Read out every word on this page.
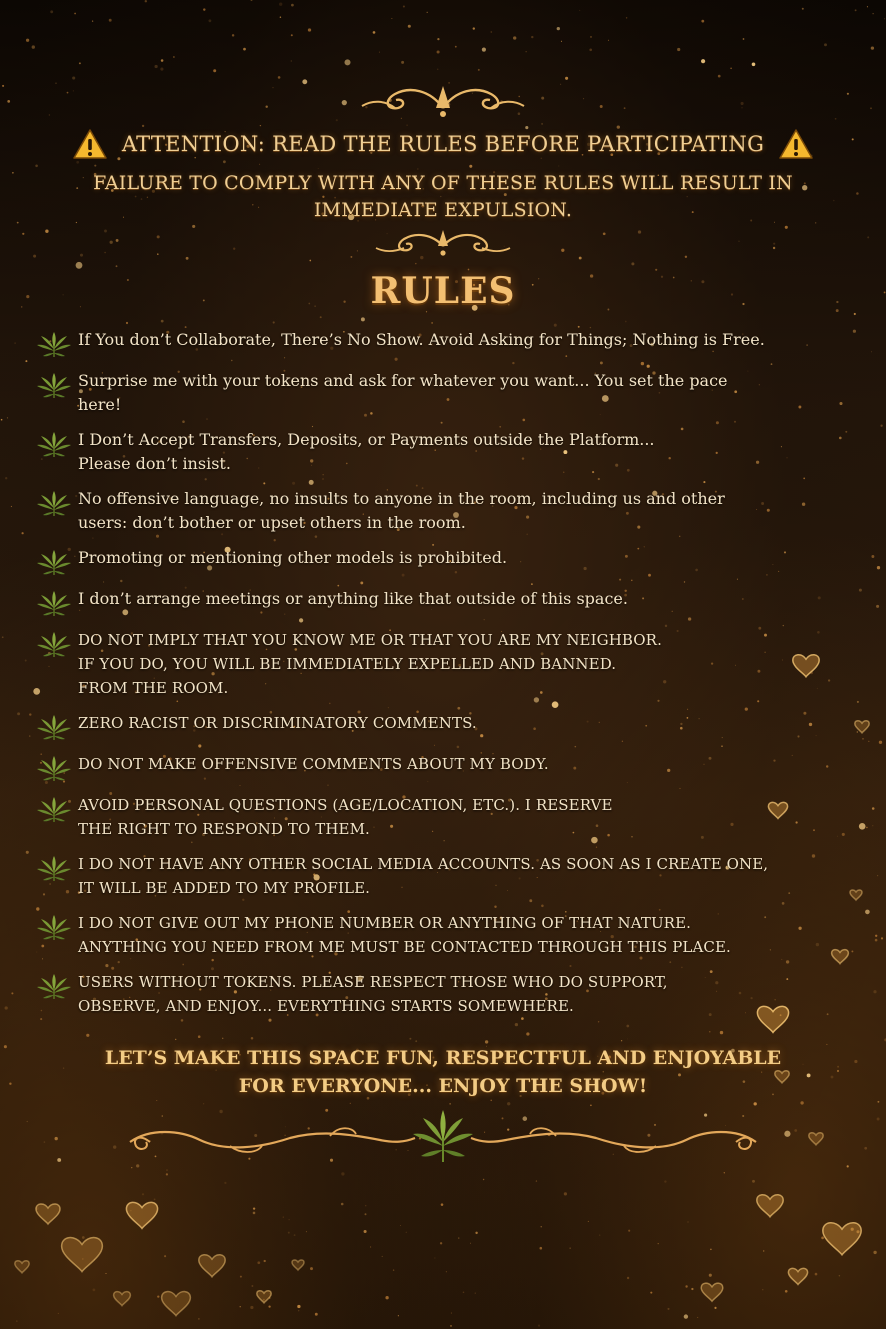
ATTENTION: READ THE RULES BEFORE PARTICIPATING
FAILURE TO COMPLY WITH ANY OF THESE RULES WILL RESULT IN IMMEDIATE EXPULSION.
RULES
If You don’t Collaborate, There’s No Show. Avoid Asking for Things; Nothing is Free.
Surprise me with your tokens and ask for whatever you want... You set the pace
here!
I Don’t Accept Transfers, Deposits, or Payments outside the Platform...
Please don’t insist.
No offensive language, no insults to anyone in the room, including us and other
users: don’t bother or upset others in the room.
Promoting or mentioning other models is prohibited.
I don’t arrange meetings or anything like that outside of this space.
DO NOT IMPLY THAT YOU KNOW ME OR THAT YOU ARE MY NEIGHBOR.
IF YOU DO, YOU WILL BE IMMEDIATELY EXPELLED AND BANNED.
FROM THE ROOM.
ZERO RACIST OR DISCRIMINATORY COMMENTS.
DO NOT MAKE OFFENSIVE COMMENTS ABOUT MY BODY.
AVOID PERSONAL QUESTIONS (AGE/LOCATION, ETC.). I RESERVE
THE RIGHT TO RESPOND TO THEM.
I DO NOT HAVE ANY OTHER SOCIAL MEDIA ACCOUNTS. AS SOON AS I CREATE ONE,
IT WILL BE ADDED TO MY PROFILE.
I DO NOT GIVE OUT MY PHONE NUMBER OR ANYTHING OF THAT NATURE.
ANYTHING YOU NEED FROM ME MUST BE CONTACTED THROUGH THIS PLACE.
USERS WITHOUT TOKENS. PLEASE RESPECT THOSE WHO DO SUPPORT,
OBSERVE, AND ENJOY... EVERYTHING STARTS SOMEWHERE.
LET’S MAKE THIS SPACE FUN, RESPECTFUL AND ENJOYABLE
FOR EVERYONE... ENJOY THE SHOW!
